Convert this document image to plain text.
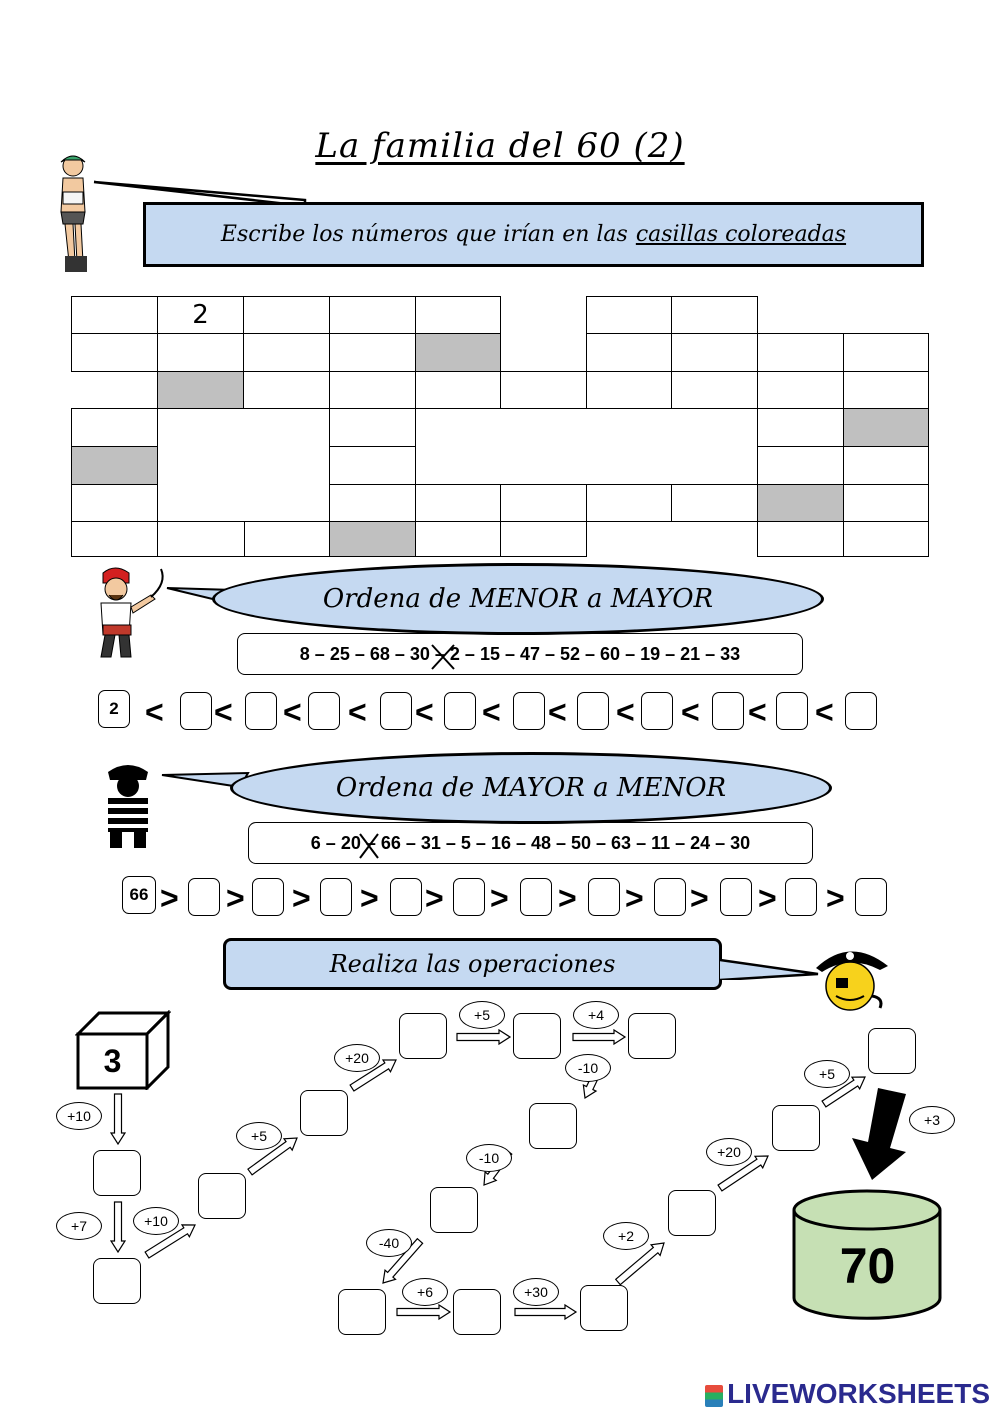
La familia del 60 (2)
Escribe los números que irían en las casillas coloreadas
2
Ordena de MENOR a MAYOR
8 – 25 – 68 – 30 – 2 – 15 – 47 – 52 – 60 – 19 – 21 – 33
2 < < < < < < < < < < <
Ordena de MAYOR a MENOR
6 – 20 – 66 – 31 – 5 – 16 – 48 – 50 – 63 – 11 – 24 – 30
66 > > > > > > > > > > >
Realiza las operaciones
3
70
+10
+7	+10
+5
+20
+5	+4
-10
-10
-40
+6	+30
+2
+20
+5
+3
LIVEWORKSHEETS
